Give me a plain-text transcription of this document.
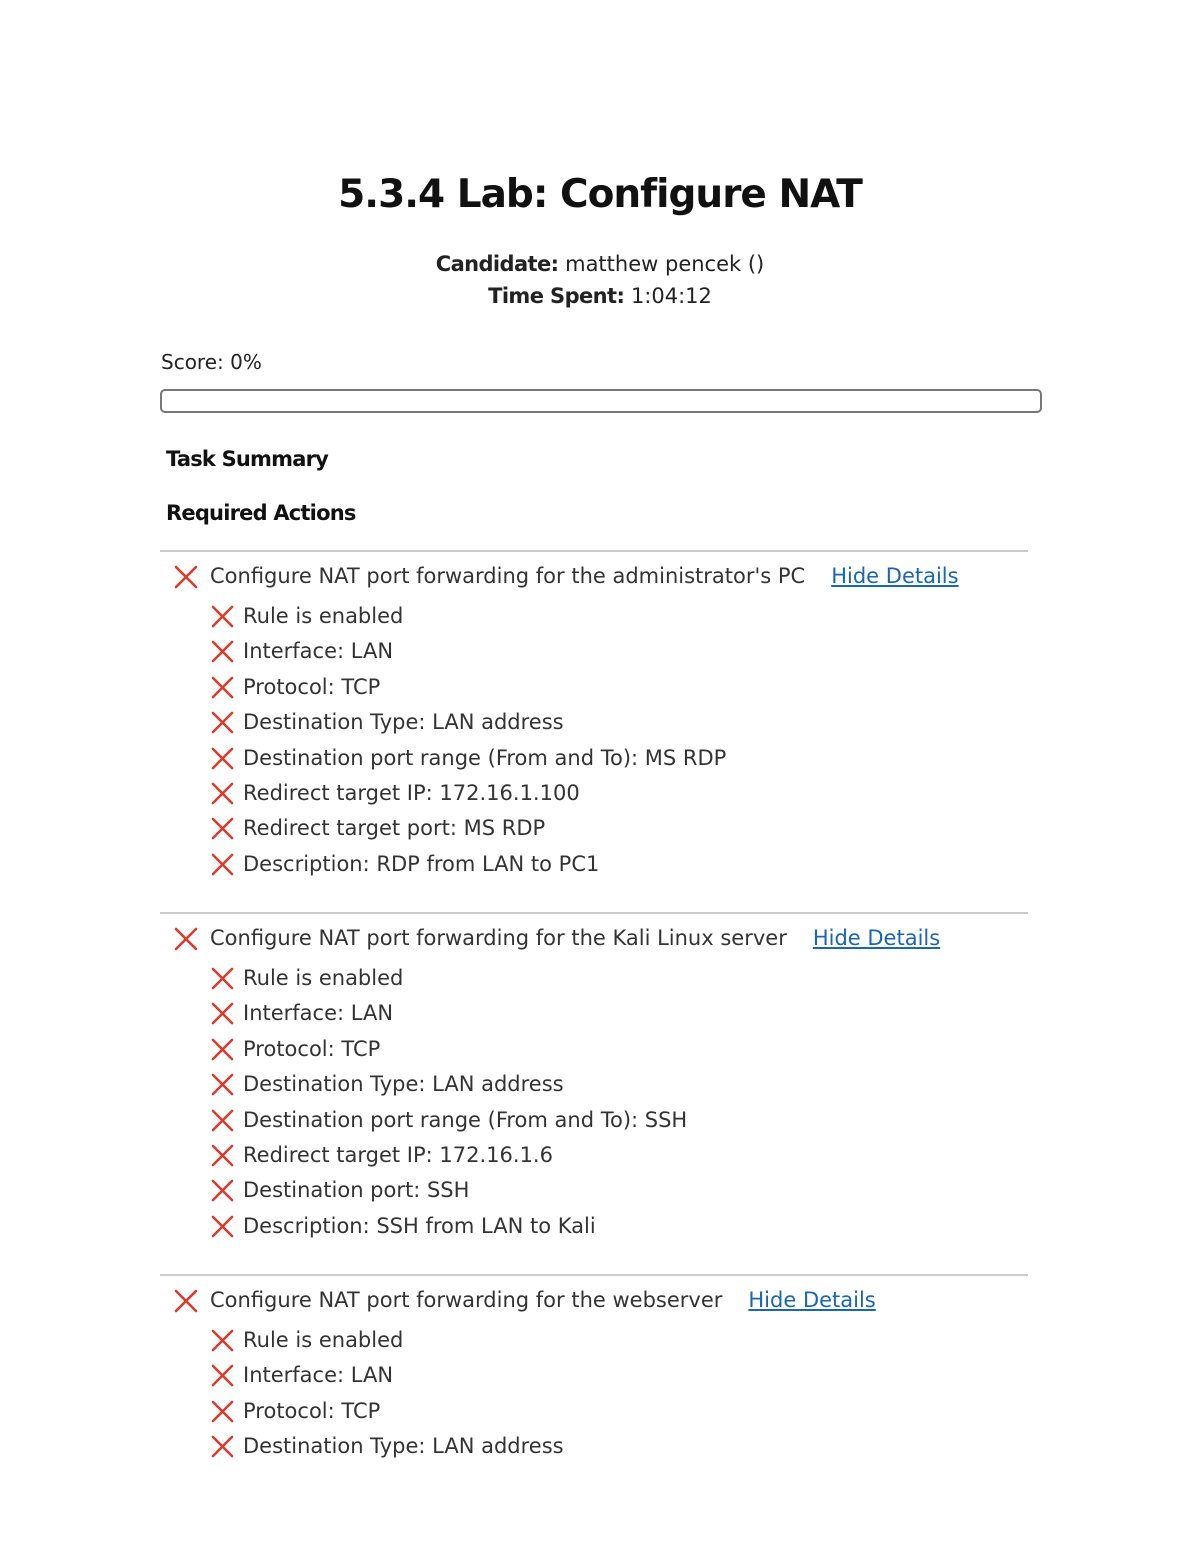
5.3.4 Lab: Configure NAT
Candidate: matthew pencek ()
Time Spent: 1:04:12
Score: 0%
Task Summary
Required Actions
Configure NAT port forwarding for the administrator's PC Hide Details
Rule is enabled
Interface: LAN
Protocol: TCP
Destination Type: LAN address
Destination port range (From and To): MS RDP
Redirect target IP: 172.16.1.100
Redirect target port: MS RDP
Description: RDP from LAN to PC1
Configure NAT port forwarding for the Kali Linux server Hide Details
Rule is enabled
Interface: LAN
Protocol: TCP
Destination Type: LAN address
Destination port range (From and To): SSH
Redirect target IP: 172.16.1.6
Destination port: SSH
Description: SSH from LAN to Kali
Configure NAT port forwarding for the webserver Hide Details
Rule is enabled
Interface: LAN
Protocol: TCP
Destination Type: LAN address
